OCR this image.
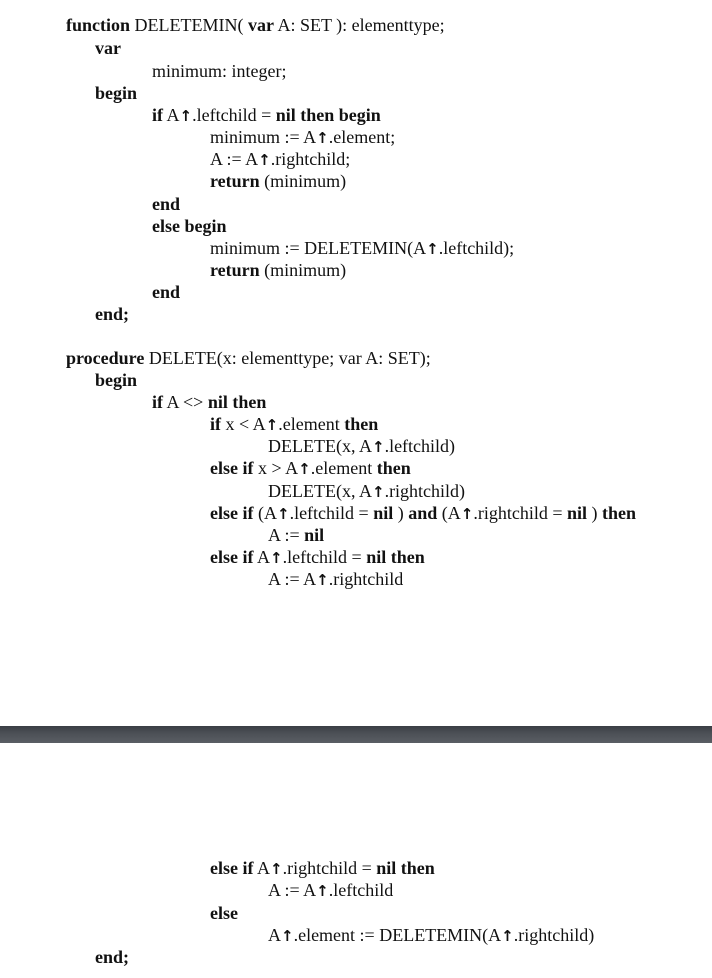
function DELETEMIN( var A: SET ): elementtype;
var
minimum: integer;
begin
if A↑.leftchild = nil then begin
minimum := A↑.element;
A := A↑.rightchild;
return (minimum)
end
else begin
minimum := DELETEMIN(A↑.leftchild);
return (minimum)
end
end;
procedure DELETE(x: elementtype; var A: SET);
begin
if A <> nil then
if x < A↑.element then
DELETE(x, A↑.leftchild)
else if x > A↑.element then
DELETE(x, A↑.rightchild)
else if (A↑.leftchild = nil ) and (A↑.rightchild = nil ) then
A := nil
else if A↑.leftchild = nil then
A := A↑.rightchild
else if A↑.rightchild = nil then
A := A↑.leftchild
else
A↑.element := DELETEMIN(A↑.rightchild)
end;
